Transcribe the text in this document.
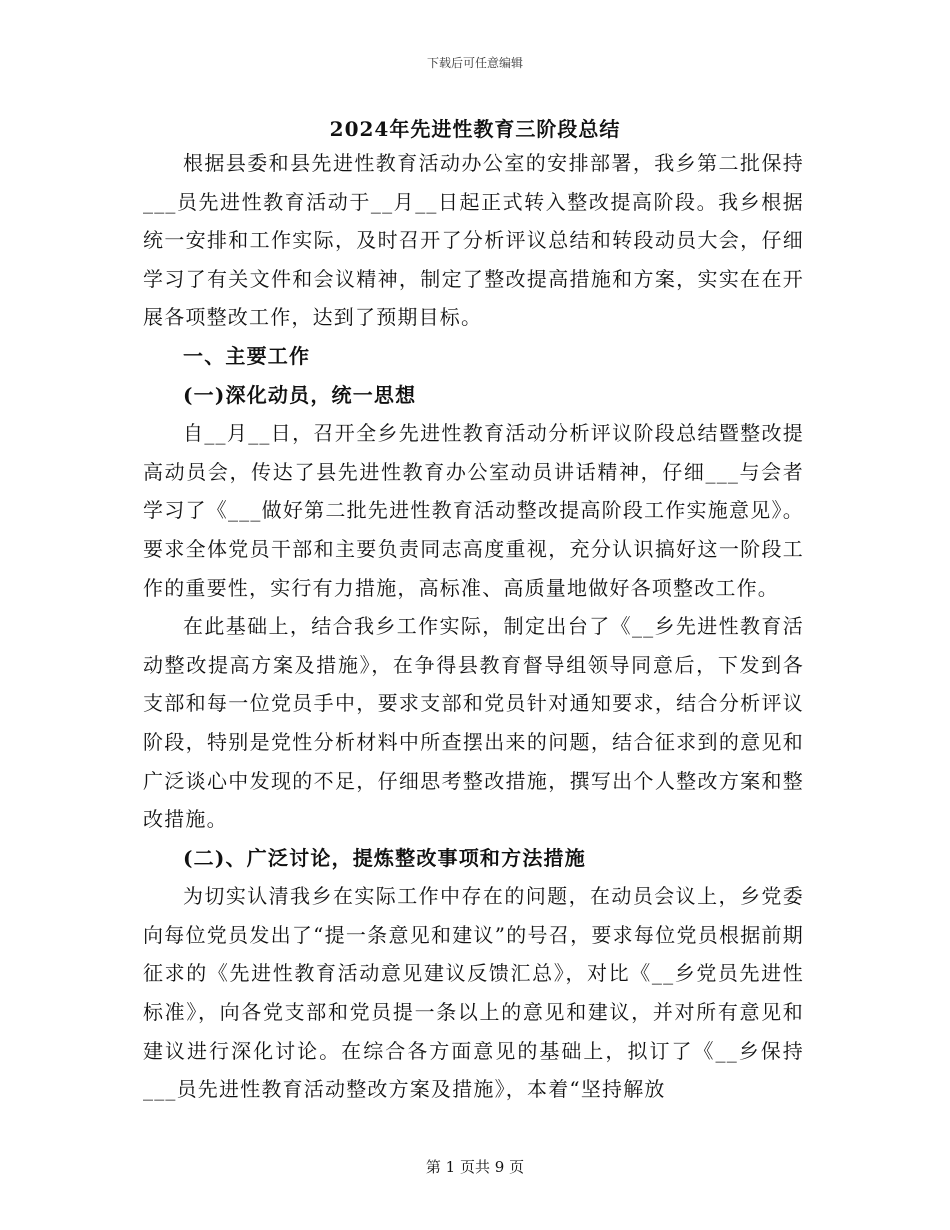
下载后可任意编辑
2024年先进性教育三阶段总结

根据县委和县先进性教育活动办公室的安排部署，我乡第二批保持___员先进性教育活动于__月__日起正式转入整改提高阶段。我乡根据统一安排和工作实际，及时召开了分析评议总结和转段动员大会，仔细学习了有关文件和会议精神，制定了整改提高措施和方案，实实在在开展各项整改工作，达到了预期目标。

一、主要工作

(一)深化动员，统一思想

自__月__日，召开全乡先进性教育活动分析评议阶段总结暨整改提高动员会，传达了县先进性教育办公室动员讲话精神，仔细___与会者学习了《___做好第二批先进性教育活动整改提高阶段工作实施意见》。要求全体党员干部和主要负责同志高度重视，充分认识搞好这一阶段工作的重要性，实行有力措施，高标准、高质量地做好各项整改工作。

在此基础上，结合我乡工作实际，制定出台了《__乡先进性教育活动整改提高方案及措施》，在争得县教育督导组领导同意后，下发到各支部和每一位党员手中，要求支部和党员针对通知要求，结合分析评议阶段，特别是党性分析材料中所查摆出来的问题，结合征求到的意见和广泛谈心中发现的不足，仔细思考整改措施，撰写出个人整改方案和整改措施。

(二)、广泛讨论，提炼整改事项和方法措施

为切实认清我乡在实际工作中存在的问题，在动员会议上，乡党委向每位党员发出了“提一条意见和建议”的号召，要求每位党员根据前期征求的《先进性教育活动意见建议反馈汇总》，对比《__乡党员先进性标准》，向各党支部和党员提一条以上的意见和建议，并对所有意见和建议进行深化讨论。在综合各方面意见的基础上，拟订了《__乡保持___员先进性教育活动整改方案及措施》，本着“坚持解放

第 1 页共 9 页
